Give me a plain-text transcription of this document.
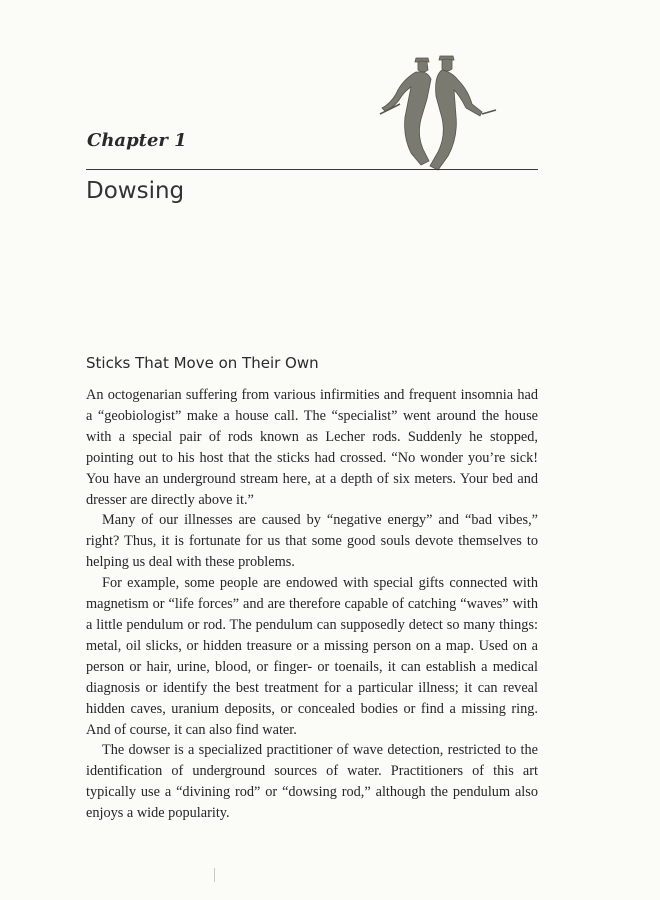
Chapter 1
Dowsing
Sticks That Move on Their Own

An octogenarian suffering from various infirmities and frequent insomnia had a “geobiologist” make a house call. The “specialist” went around the house with a special pair of rods known as Lecher rods. Suddenly he stopped, pointing out to his host that the sticks had crossed. “No wonder you’re sick! You have an underground stream here, at a depth of six meters. Your bed and dresser are directly above it.”

Many of our illnesses are caused by “negative energy” and “bad vibes,” right? Thus, it is fortunate for us that some good souls devote themselves to helping us deal with these problems.

For example, some people are endowed with special gifts connected with magnetism or “life forces” and are therefore capable of catching “waves” with a little pendulum or rod. The pendulum can supposedly detect so many things: metal, oil slicks, or hidden treasure or a missing person on a map. Used on a person or hair, urine, blood, or finger- or toenails, it can establish a medical diagnosis or identify the best treatment for a particular illness; it can reveal hidden caves, uranium deposits, or concealed bodies or find a missing ring. And of course, it can also find water.

The dowser is a specialized practitioner of wave detection, restricted to the identification of underground sources of water. Practitioners of this art typically use a “divining rod” or “dowsing rod,” although the pendulum also enjoys a wide popularity.
